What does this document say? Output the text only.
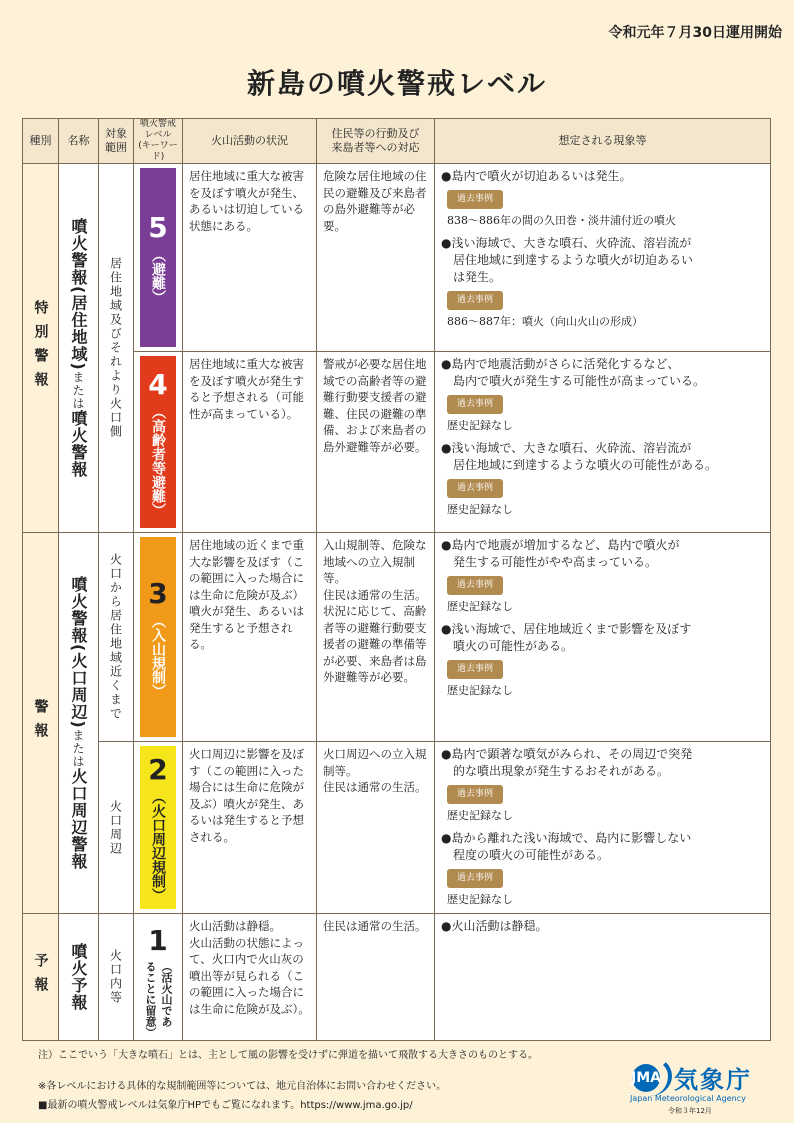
令和元年７月30日運用開始
新島の噴火警戒レベル
種別	名称
対象
範囲
噴火警戒
レベル
(キーワード)
火山活動の状況
住民等の行動及び
来島者等への対応
想定される現象等
特別警報
警報
予報
噴火警報(居住地域)
または
噴火警報
噴火警報(火口周辺)
または
火口周辺警報
噴火予報
居住地域及びそれより火口側
火口から居住地域近くまで
火口周辺
火口内等
5
（避難）
居住地域に重大な被害を及ぼす噴火が発生、あるいは切迫している状態にある。
危険な居住地域の住民の避難及び来島者の島外避難等が必要。
●島内で噴火が切迫あるいは発生。
過去事例
838～886年の間の久田巻・淡井浦付近の噴火
●浅い海域で、大きな噴石、火砕流、溶岩流が
　居住地域に到達するような噴火が切迫あるい
　は発生。
過去事例
886～887年：噴火（向山火山の形成）
4
（高齢者等避難）
居住地域に重大な被害を及ぼす噴火が発生すると予想される（可能性が高まっている）。
警戒が必要な居住地域での高齢者等の避難行動要支援者の避難、住民の避難の準備、および来島者の島外避難等が必要。
●島内で地震活動がさらに活発化するなど、
　島内で噴火が発生する可能性が高まっている。
過去事例
歴史記録なし
●浅い海域で、大きな噴石、火砕流、溶岩流が
　居住地域に到達するような噴火の可能性がある。
過去事例
歴史記録なし
3
（入山規制）
居住地域の近くまで重大な影響を及ぼす（この範囲に入った場合には生命に危険が及ぶ）噴火が発生、あるいは発生すると予想される。
入山規制等、危険な地域への立入規制等。
住民は通常の生活。
状況に応じて、高齢者等の避難行動要支援者の避難の準備等が必要、来島者は島外避難等が必要。
●島内で地震が増加するなど、島内で噴火が
　発生する可能性がやや高まっている。
過去事例
歴史記録なし
●浅い海域で、居住地域近くまで影響を及ぼす
　噴火の可能性がある。
過去事例
歴史記録なし
2
（火口周辺規制）
火口周辺に影響を及ぼす（この範囲に入った場合には生命に危険が及ぶ）噴火が発生、あるいは発生すると予想される。
火口周辺への立入規制等。
住民は通常の生活。
●島内で顕著な噴気がみられ、その周辺で突発
　的な噴出現象が発生するおそれがある。
過去事例
歴史記録なし
●島から離れた浅い海域で、島内に影響しない
　程度の噴火の可能性がある。
過去事例
歴史記録なし
1
（活火山であることに留意）
火山活動は静穏。
火山活動の状態によって、火口内で火山灰の噴出等が見られる（この範囲に入った場合には生命に危険が及ぶ）。
住民は通常の生活。	●火山活動は静穏。
注）ここでいう「大きな噴石」とは、主として風の影響を受けずに弾道を描いて飛散する大きさのものとする。
※各レベルにおける具体的な規制範囲等については、地元自治体にお問い合わせください。
■最新の噴火警戒レベルは気象庁HPでもご覧になれます。https://www.jma.go.jp/
JMA 気象庁
Japan Meteorological Agency
令和３年12月
